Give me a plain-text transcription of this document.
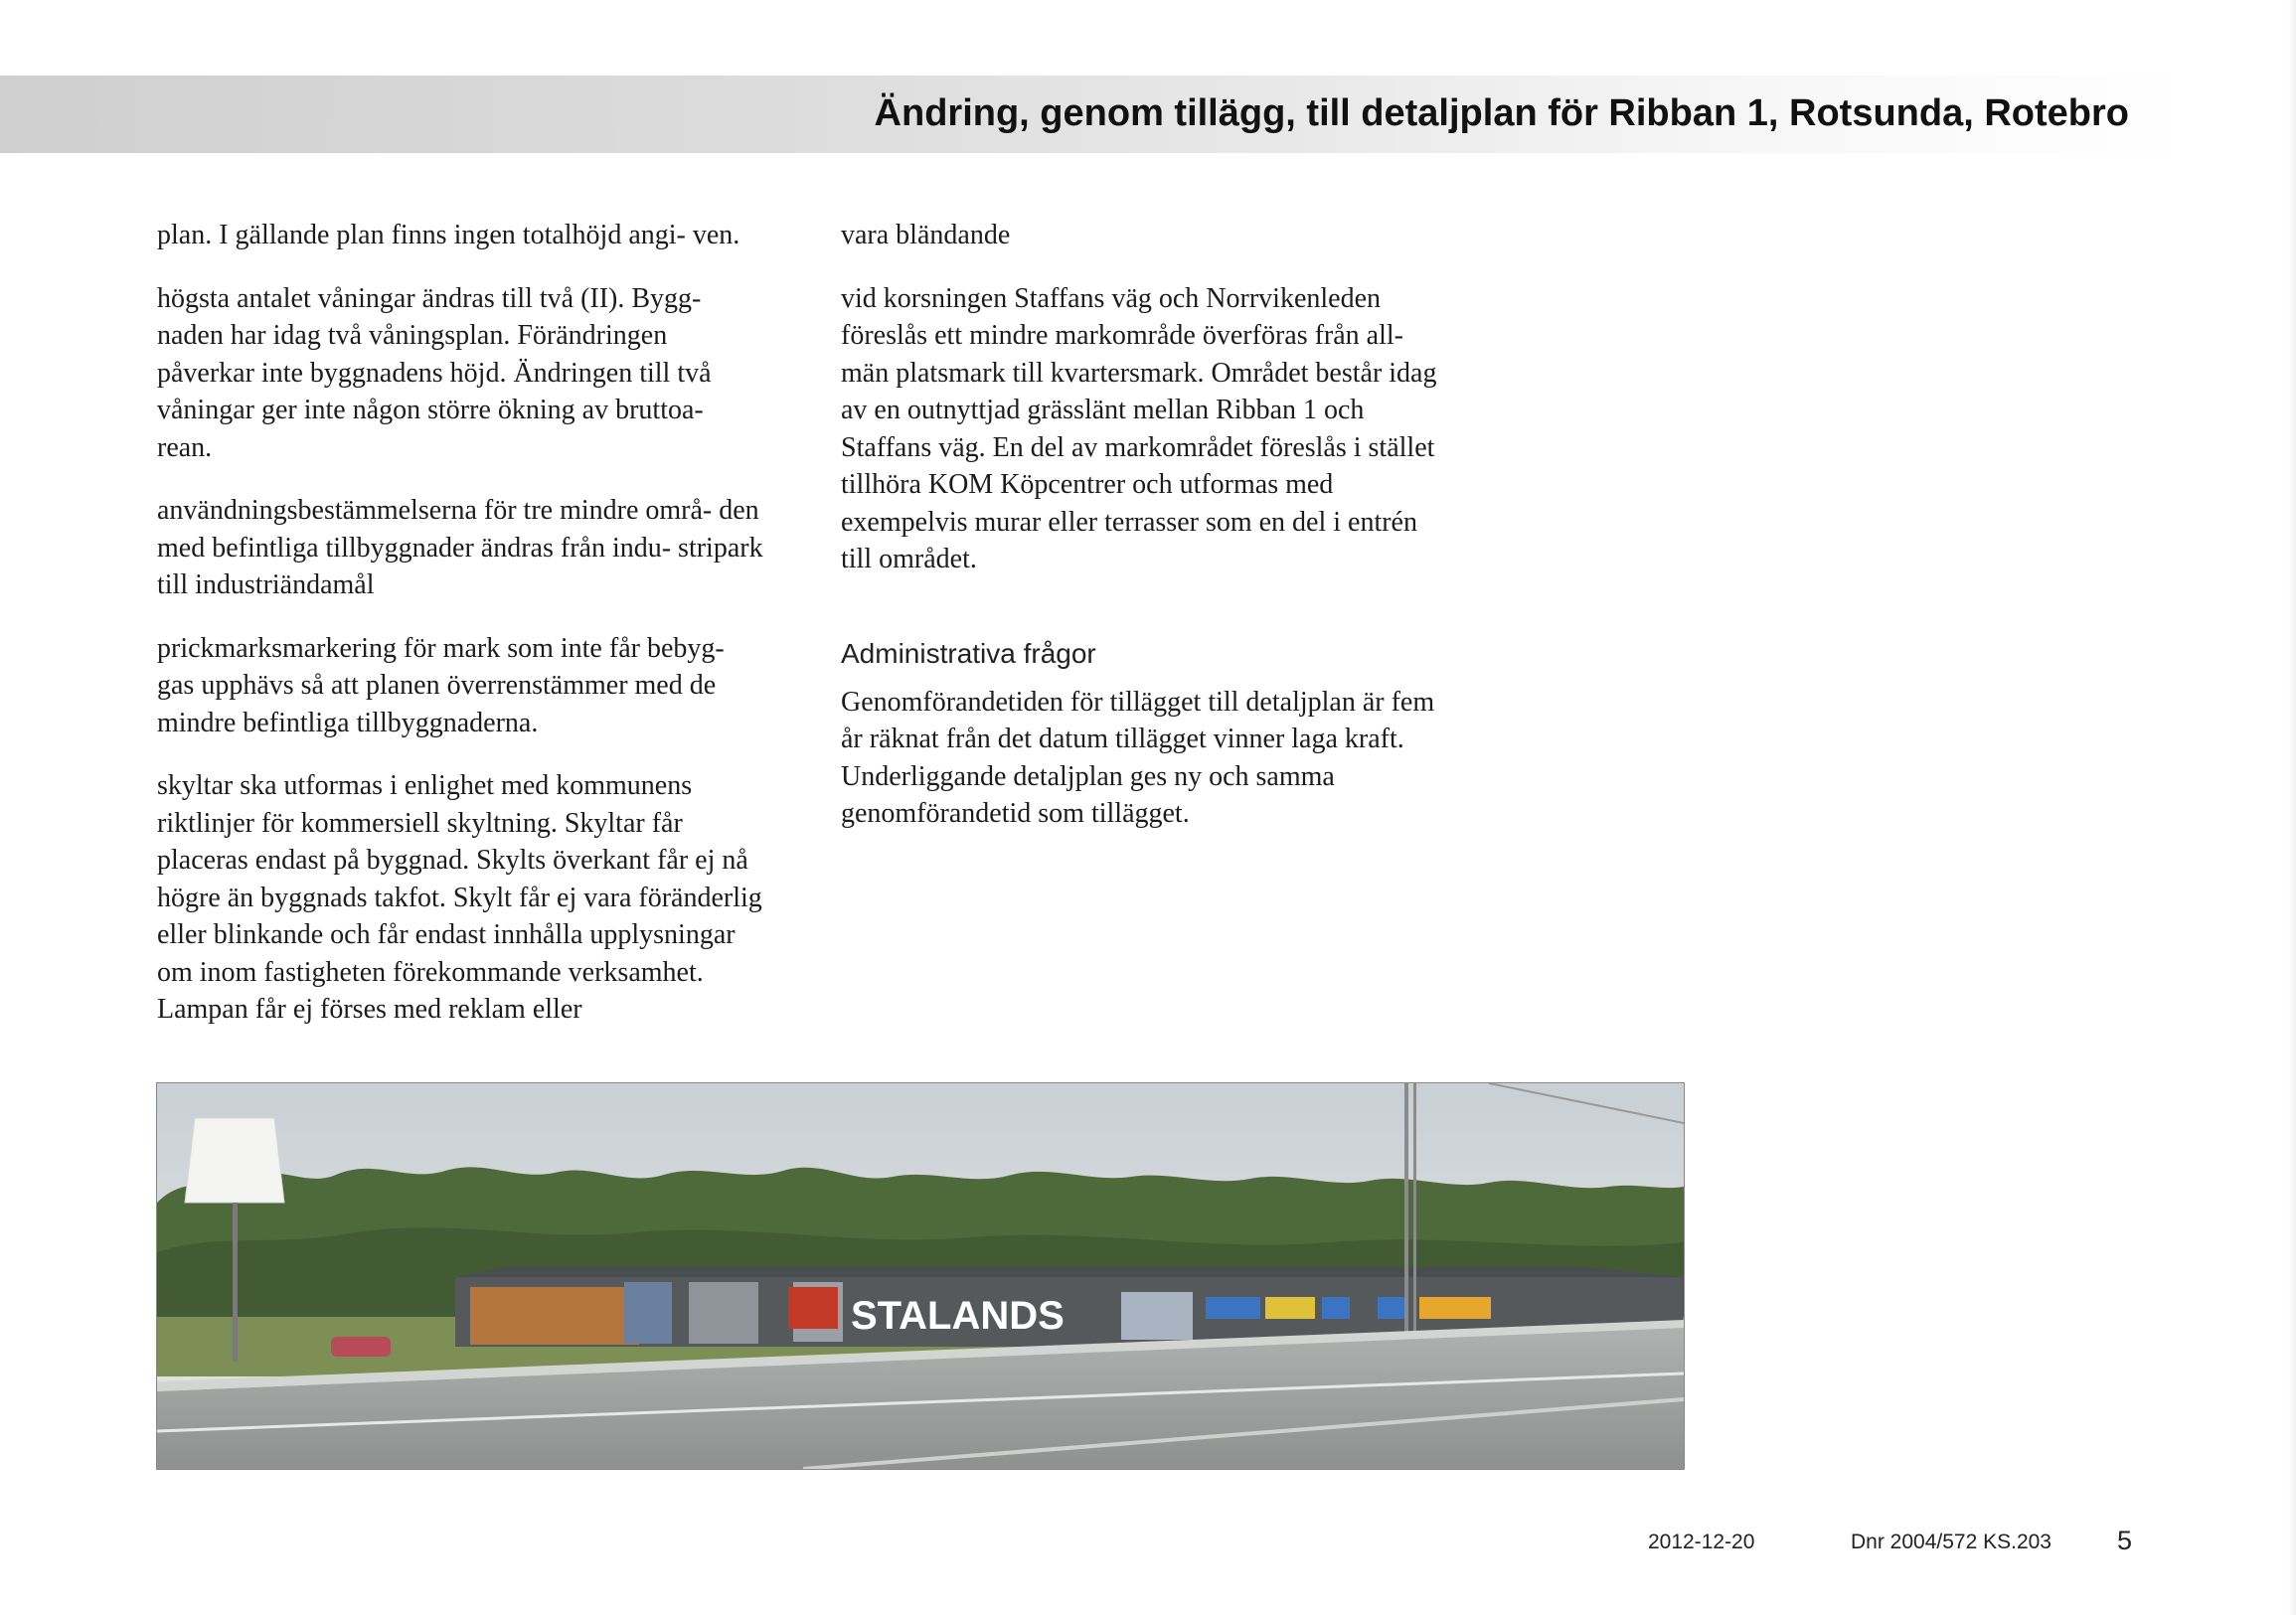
Ändring, genom tillägg, till detaljplan för Ribban 1, Rotsunda, Rotebro

plan. I gällande plan finns ingen totalhöjd angi- ven.

högsta antalet våningar ändras till två (II). Bygg- naden har idag två våningsplan. Förändringen påverkar inte byggnadens höjd. Ändringen till två våningar ger inte någon större ökning av bruttoa- rean.

användningsbestämmelserna för tre mindre områ- den med befintliga tillbyggnader ändras från indu- stripark till industriändamål

prickmarksmarkering för mark som inte får bebyg- gas upphävs så att planen överrenstämmer med de mindre befintliga tillbyggnaderna.

skyltar ska utformas i enlighet med kommunens riktlinjer för kommersiell skyltning. Skyltar får placeras endast på byggnad. Skylts överkant får ej nå högre än byggnads takfot. Skylt får ej vara föränderlig eller blinkande och får endast innhålla upplysningar om inom fastigheten förekommande verksamhet. Lampan får ej förses med reklam eller

vara bländande

vid korsningen Staffans väg och Norrvikenleden föreslås ett mindre markområde överföras från all- män platsmark till kvartersmark. Området består idag av en outnyttjad grässlänt mellan Ribban 1 och Staffans väg. En del av markområdet föreslås i stället tillhöra KOM Köpcentrer och utformas med exempelvis murar eller terrasser som en del i entrén till området.

Administrativa frågor

Genomförandetiden för tillägget till detaljplan är fem år räknat från det datum tillägget vinner laga kraft. Underliggande detaljplan ges ny och samma genomförandetid som tillägget.

STALANDS
2012-12-20	Dnr 2004/572 KS.203 5
